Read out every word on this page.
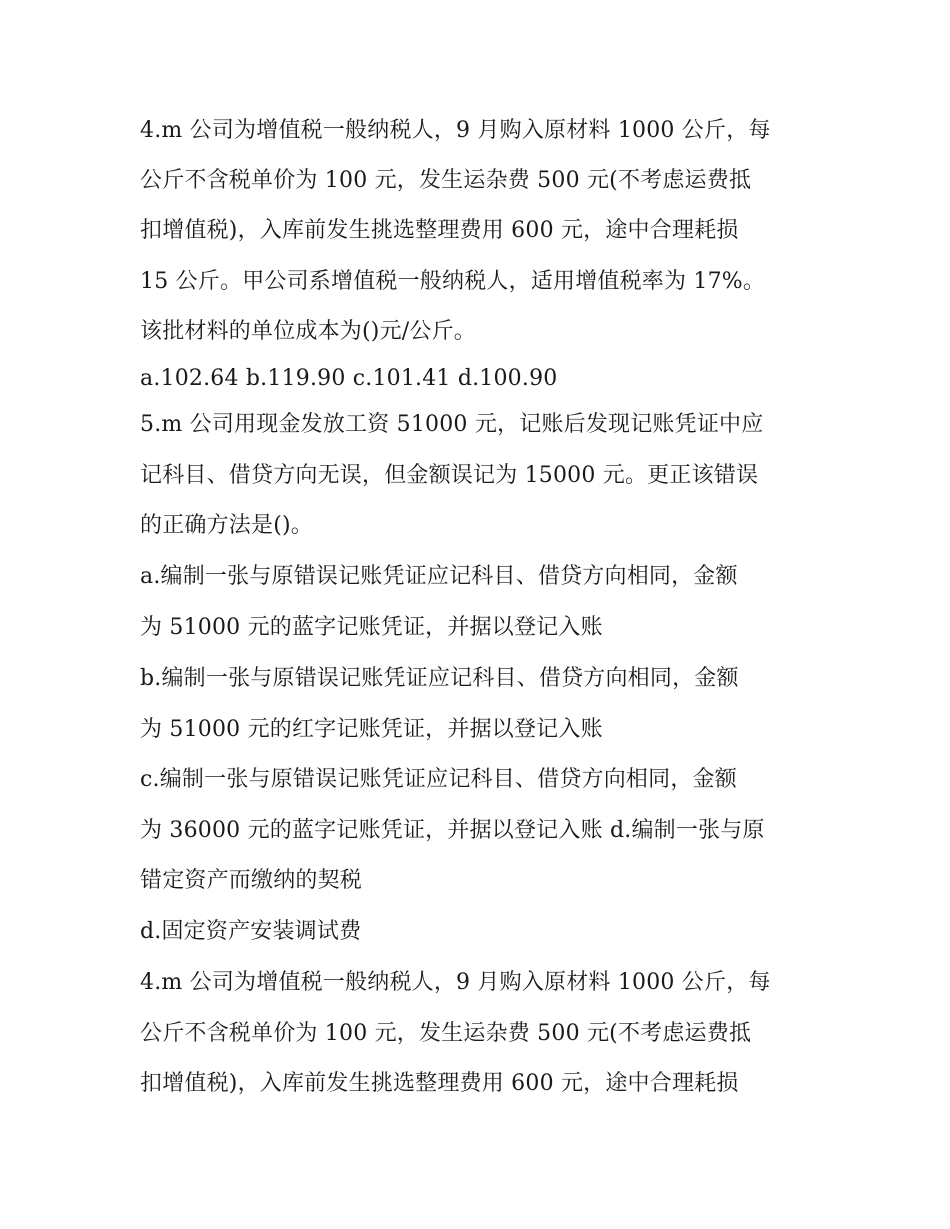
4.m 公司为增值税一般纳税人，9 月购入原材料 1000 公斤，每
公斤不含税单价为 100 元，发生运杂费 500 元(不考虑运费抵
扣增值税)，入库前发生挑选整理费用 600 元，途中合理耗损
15 公斤。甲公司系增值税一般纳税人，适用增值税率为 17%。
该批材料的单位成本为()元/公斤。
a.102.64 b.119.90 c.101.41 d.100.90
5.m 公司用现金发放工资 51000 元，记账后发现记账凭证中应
记科目、借贷方向无误，但金额误记为 15000 元。更正该错误
的正确方法是()。
a.编制一张与原错误记账凭证应记科目、借贷方向相同，金额
为 51000 元的蓝字记账凭证，并据以登记入账
b.编制一张与原错误记账凭证应记科目、借贷方向相同，金额
为 51000 元的红字记账凭证，并据以登记入账
c.编制一张与原错误记账凭证应记科目、借贷方向相同，金额
为 36000 元的蓝字记账凭证，并据以登记入账 d.编制一张与原
错定资产而缴纳的契税
d.固定资产安装调试费
4.m 公司为增值税一般纳税人，9 月购入原材料 1000 公斤，每
公斤不含税单价为 100 元，发生运杂费 500 元(不考虑运费抵
扣增值税)，入库前发生挑选整理费用 600 元，途中合理耗损
